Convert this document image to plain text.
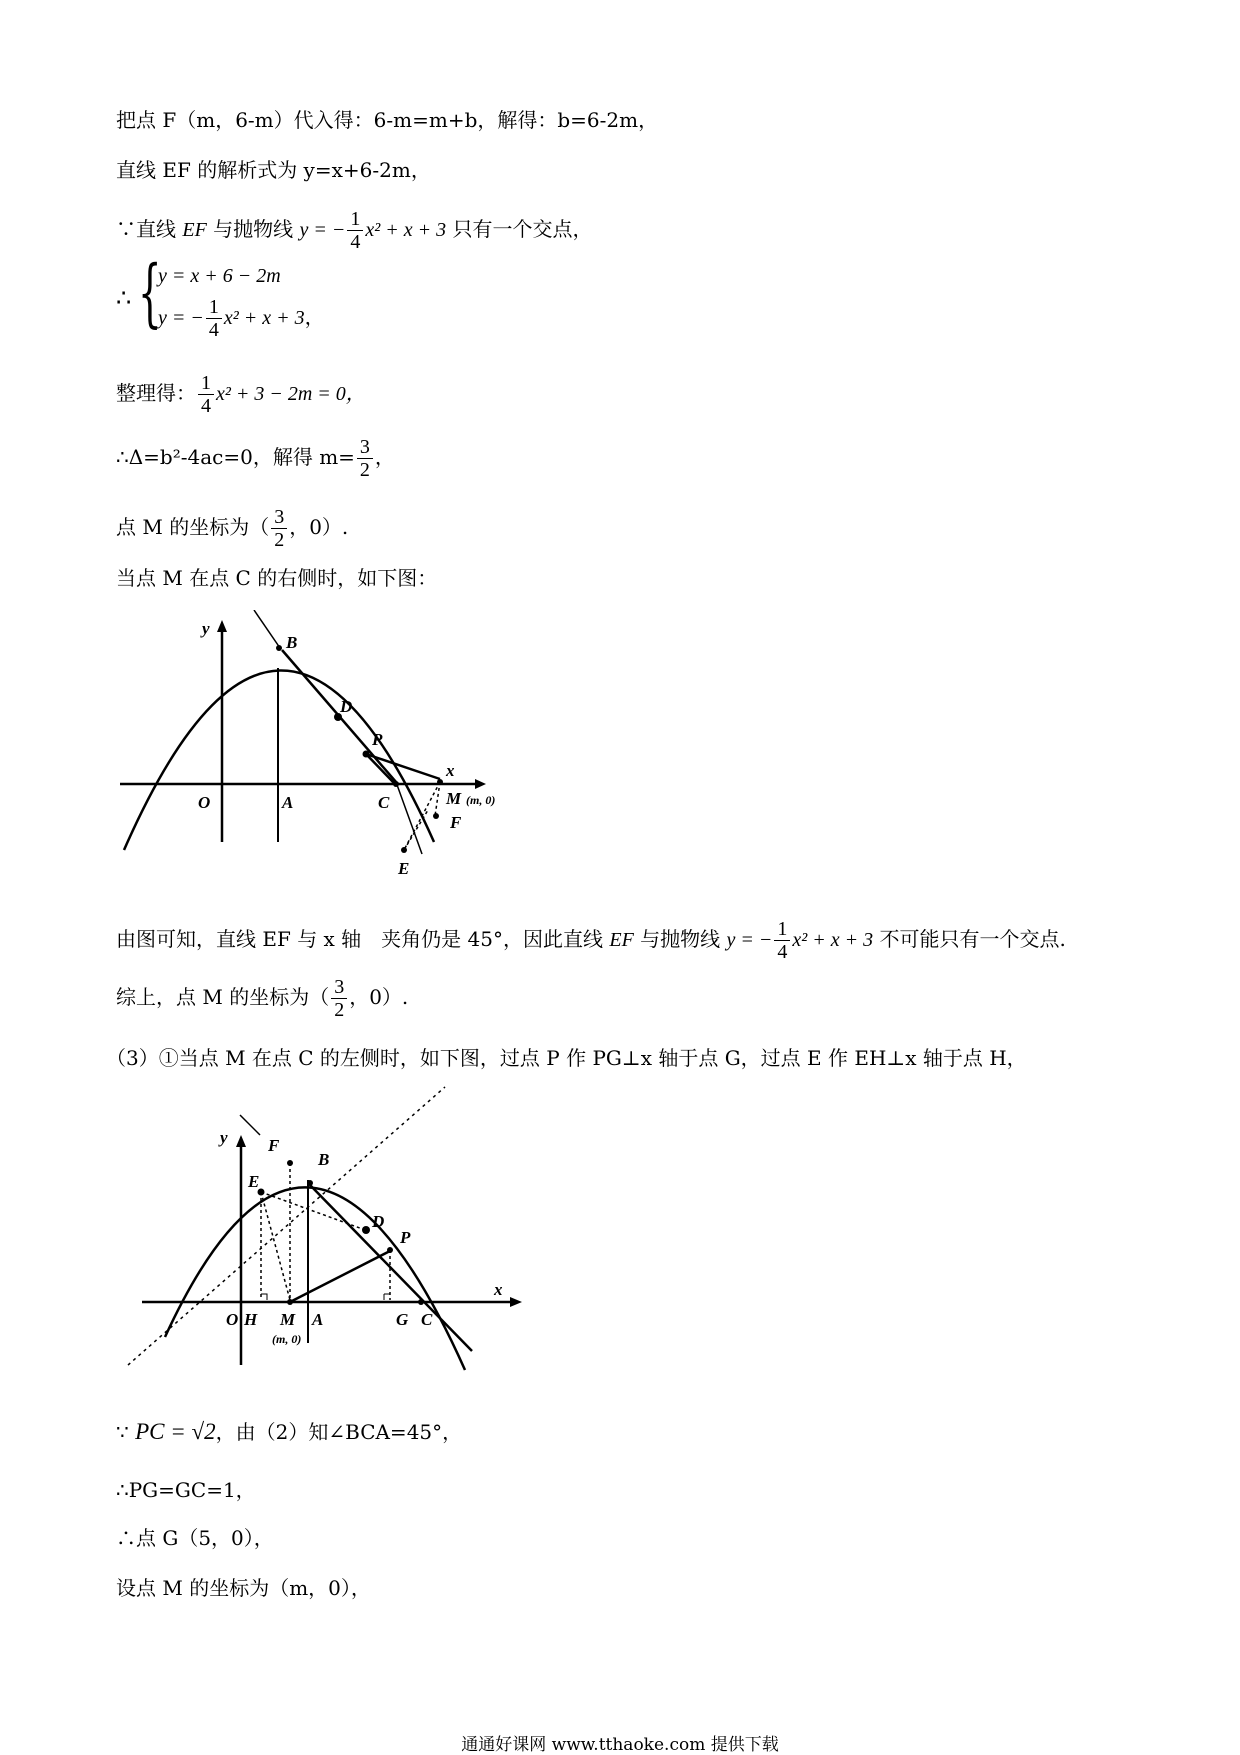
把点 F（m，6-m）代入得：6-m=m+b，解得：b=6-2m，
直线 EF 的解析式为 y=x+6-2m，
∵直线 EF 与抛物线 y = − $\frac{1}{4} x^2 + x + 3$ 只有一个交点，
∴ {
y = x + 6 − 2m
y = − $\frac{1}{4} x^2 + x + 3$，
整理得： $\frac{1}{4} x^2 + 3 - 2m = 0$，
∴Δ=b²-4ac=0，解得 $m= \frac{3}{2}$ ，
点 M 的坐标为（ $\frac{3}{2}$ ，0）.
当点 M 在点 C 的右侧时，如下图：
y
B
D
P
x
O	A	C	M (m, 0)
F
E
由图可知，直线 EF 与 x 轴　夹角仍是 45°，因此直线 EF 与抛物线 y = − $\frac{1}{4} x^2 + x + 3$ 不可能只有一个交点.
综上，点 M 的坐标为（ $\frac{3}{2}$ ，0）.
（3）①当点 M 在点 C 的左侧时，如下图，过点 P 作 PG⊥x 轴于点 G，过点 E 作 EH⊥x 轴于点 H，
y F
B
E
D
P
x
O H M A	G C
(m, 0)
∵ PC = √2，由（2）知∠BCA=45°，
∴PG=GC=1，
∴点 G（5，0），
设点 M 的坐标为（m，0），
通通好课网 www.tthaoke.com 提供下载
